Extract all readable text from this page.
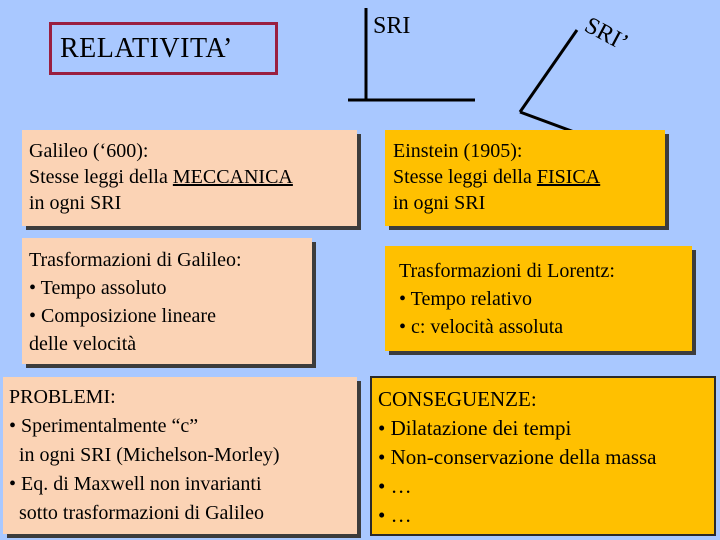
RELATIVITA’
SRI	SRI’
Galileo (‘600):
Stesse leggi della MECCANICA
in ogni SRI
Einstein (1905):
Stesse leggi della FISICA
in ogni SRI
Trasformazioni di Galileo:
• Tempo assoluto
• Composizione lineare
delle velocità
Trasformazioni di Lorentz:
• Tempo relativo
• c: velocità assoluta
PROBLEMI:
• Sperimentalmente “c”
in ogni SRI (Michelson-Morley)
• Eq. di Maxwell non invarianti
sotto trasformazioni di Galileo
CONSEGUENZE:
• Dilatazione dei tempi
• Non-conservazione della massa
• …
• …
